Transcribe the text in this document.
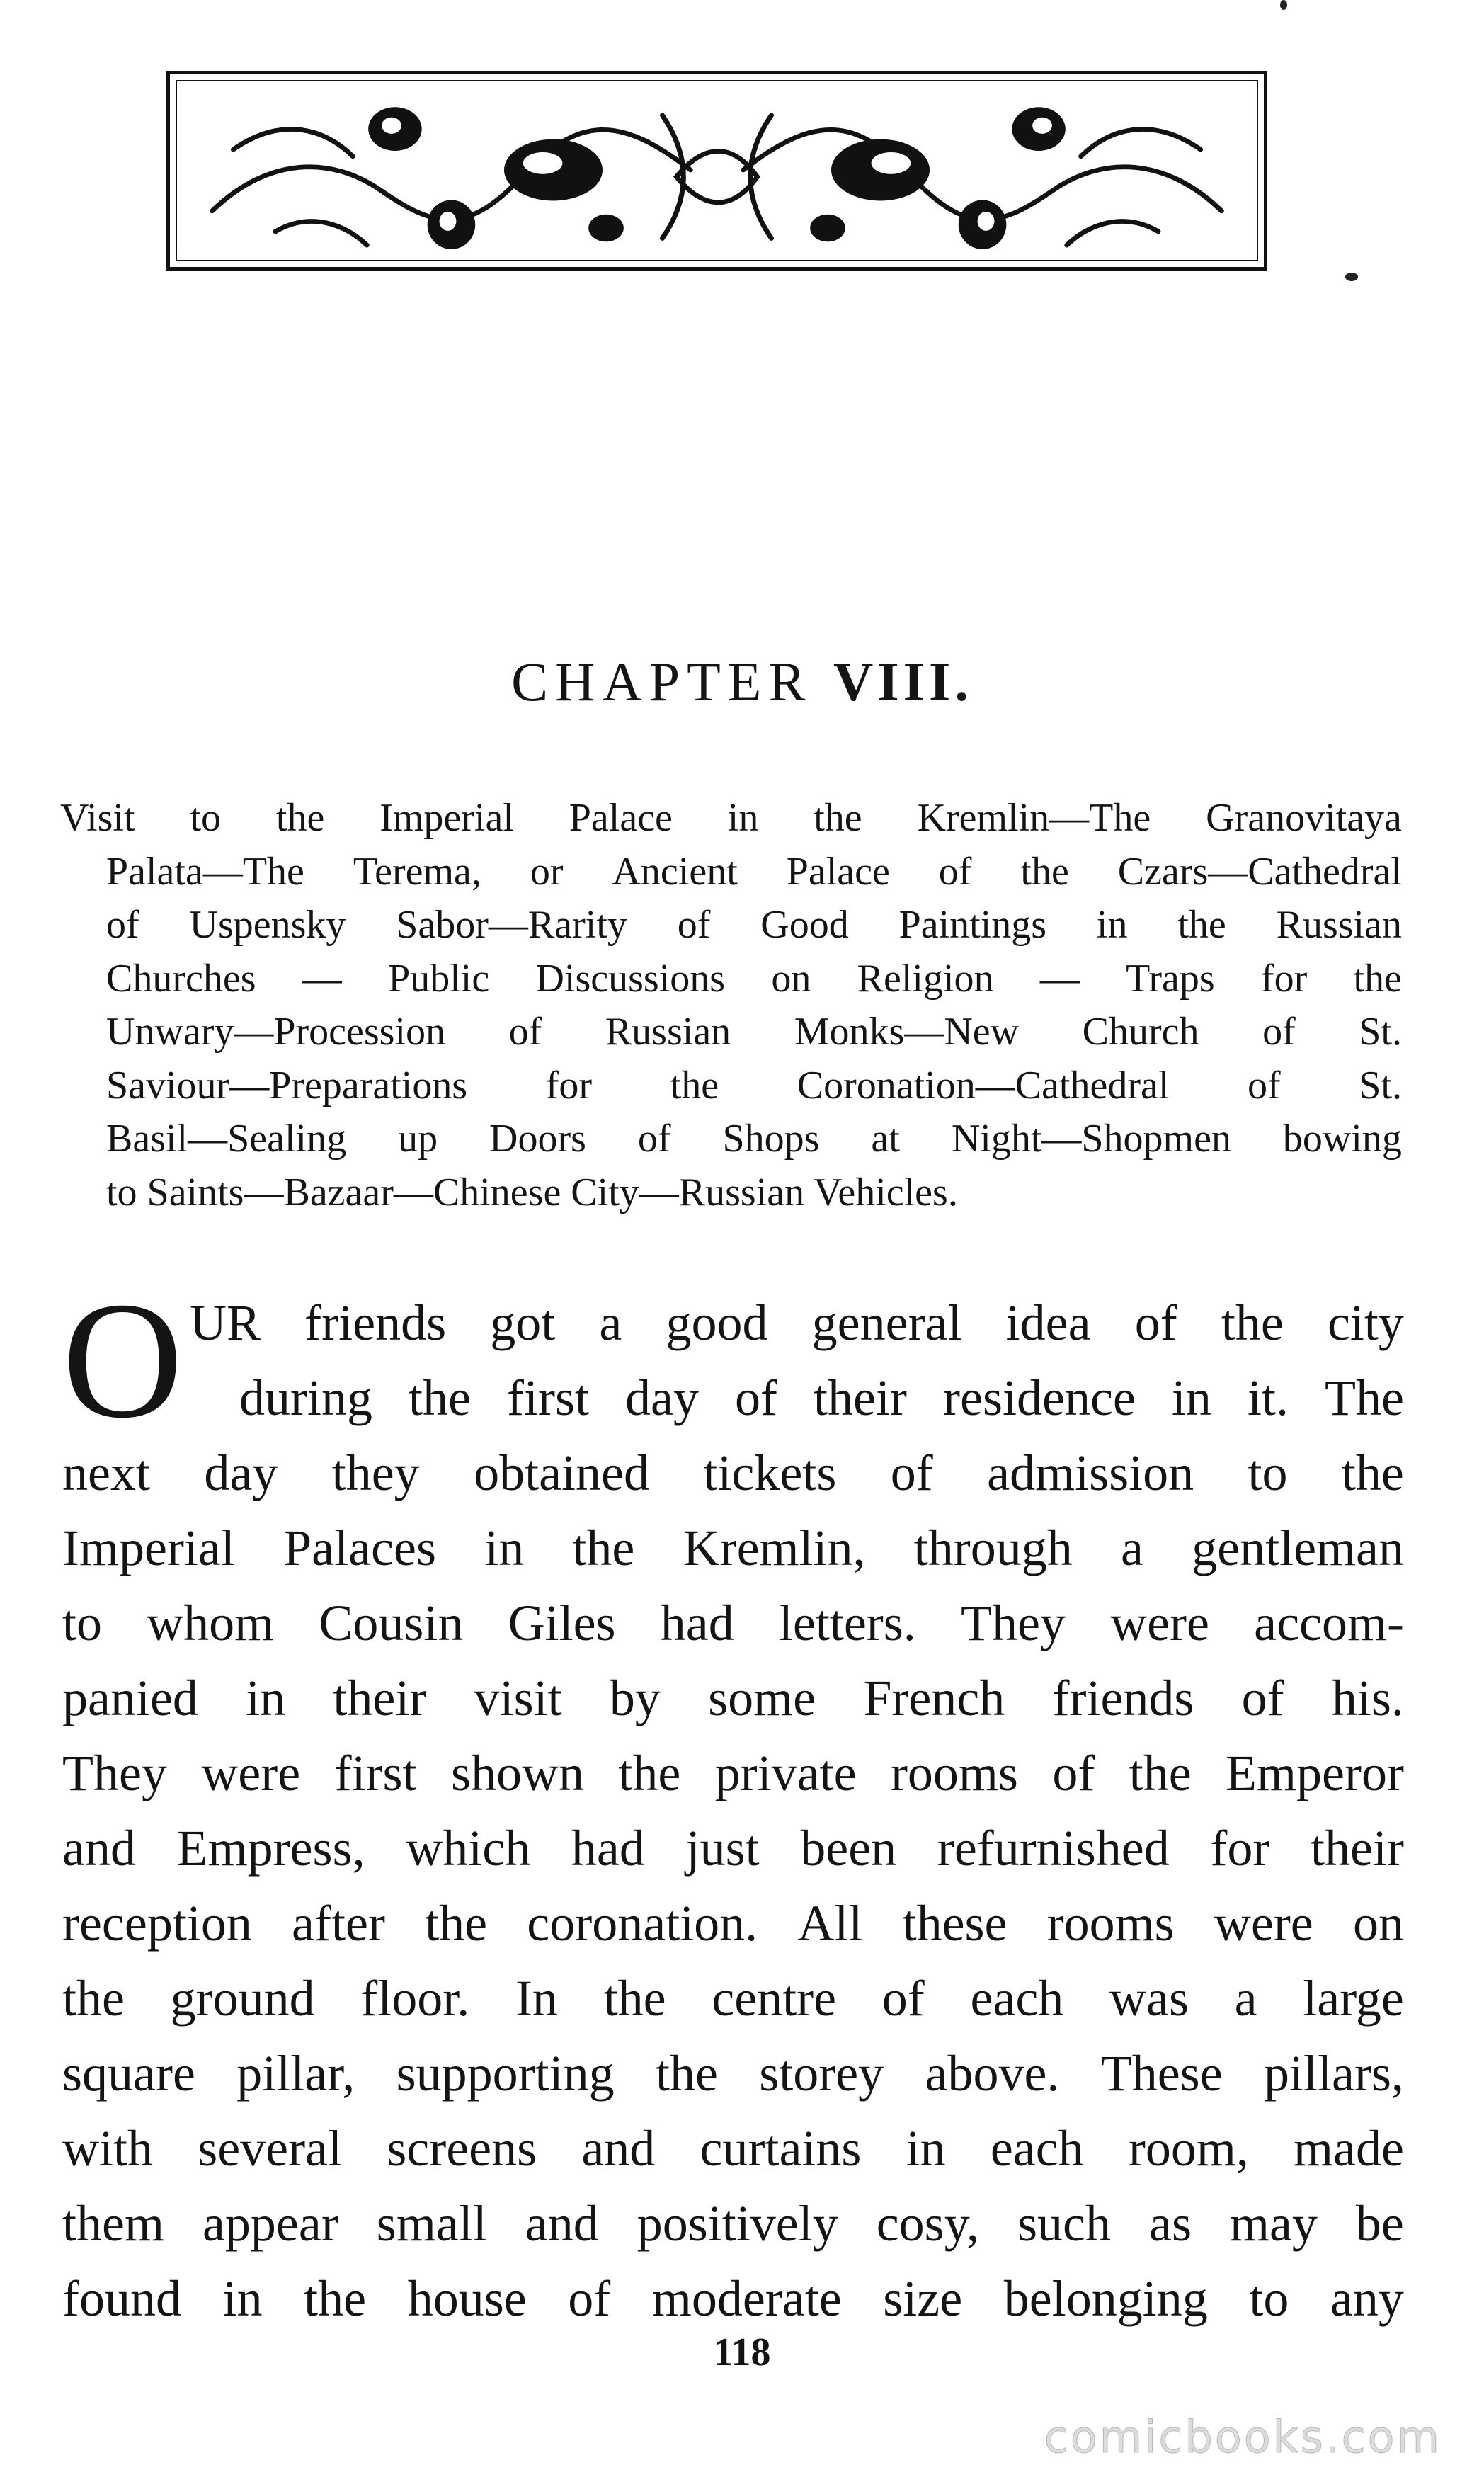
CHAPTER VIII.
Visit to the Imperial Palace in the Kremlin—The Granovitaya
Palata—The Terema, or Ancient Palace of the Czars—Cathedral
of Uspensky Sabor—Rarity of Good Paintings in the Russian
Churches — Public Discussions on Religion — Traps for the
Unwary—Procession of Russian Monks—New Church of St.
Saviour—Preparations for the Coronation—Cathedral of St.
Basil—Sealing up Doors of Shops at Night—Shopmen bowing
to Saints—Bazaar—Chinese City—Russian Vehicles.
O UR friends got a good general idea of the city
during the first day of their residence in it. The
next day they obtained tickets of admission to the
Imperial Palaces in the Kremlin, through a gentleman
to whom Cousin Giles had letters. They were accom-
panied in their visit by some French friends of his.
They were first shown the private rooms of the Emperor
and Empress, which had just been refurnished for their
reception after the coronation. All these rooms were on
the ground floor. In the centre of each was a large
square pillar, supporting the storey above. These pillars,
with several screens and curtains in each room, made
them appear small and positively cosy, such as may be
found in the house of moderate size belonging to any
118
comicbooks.com
